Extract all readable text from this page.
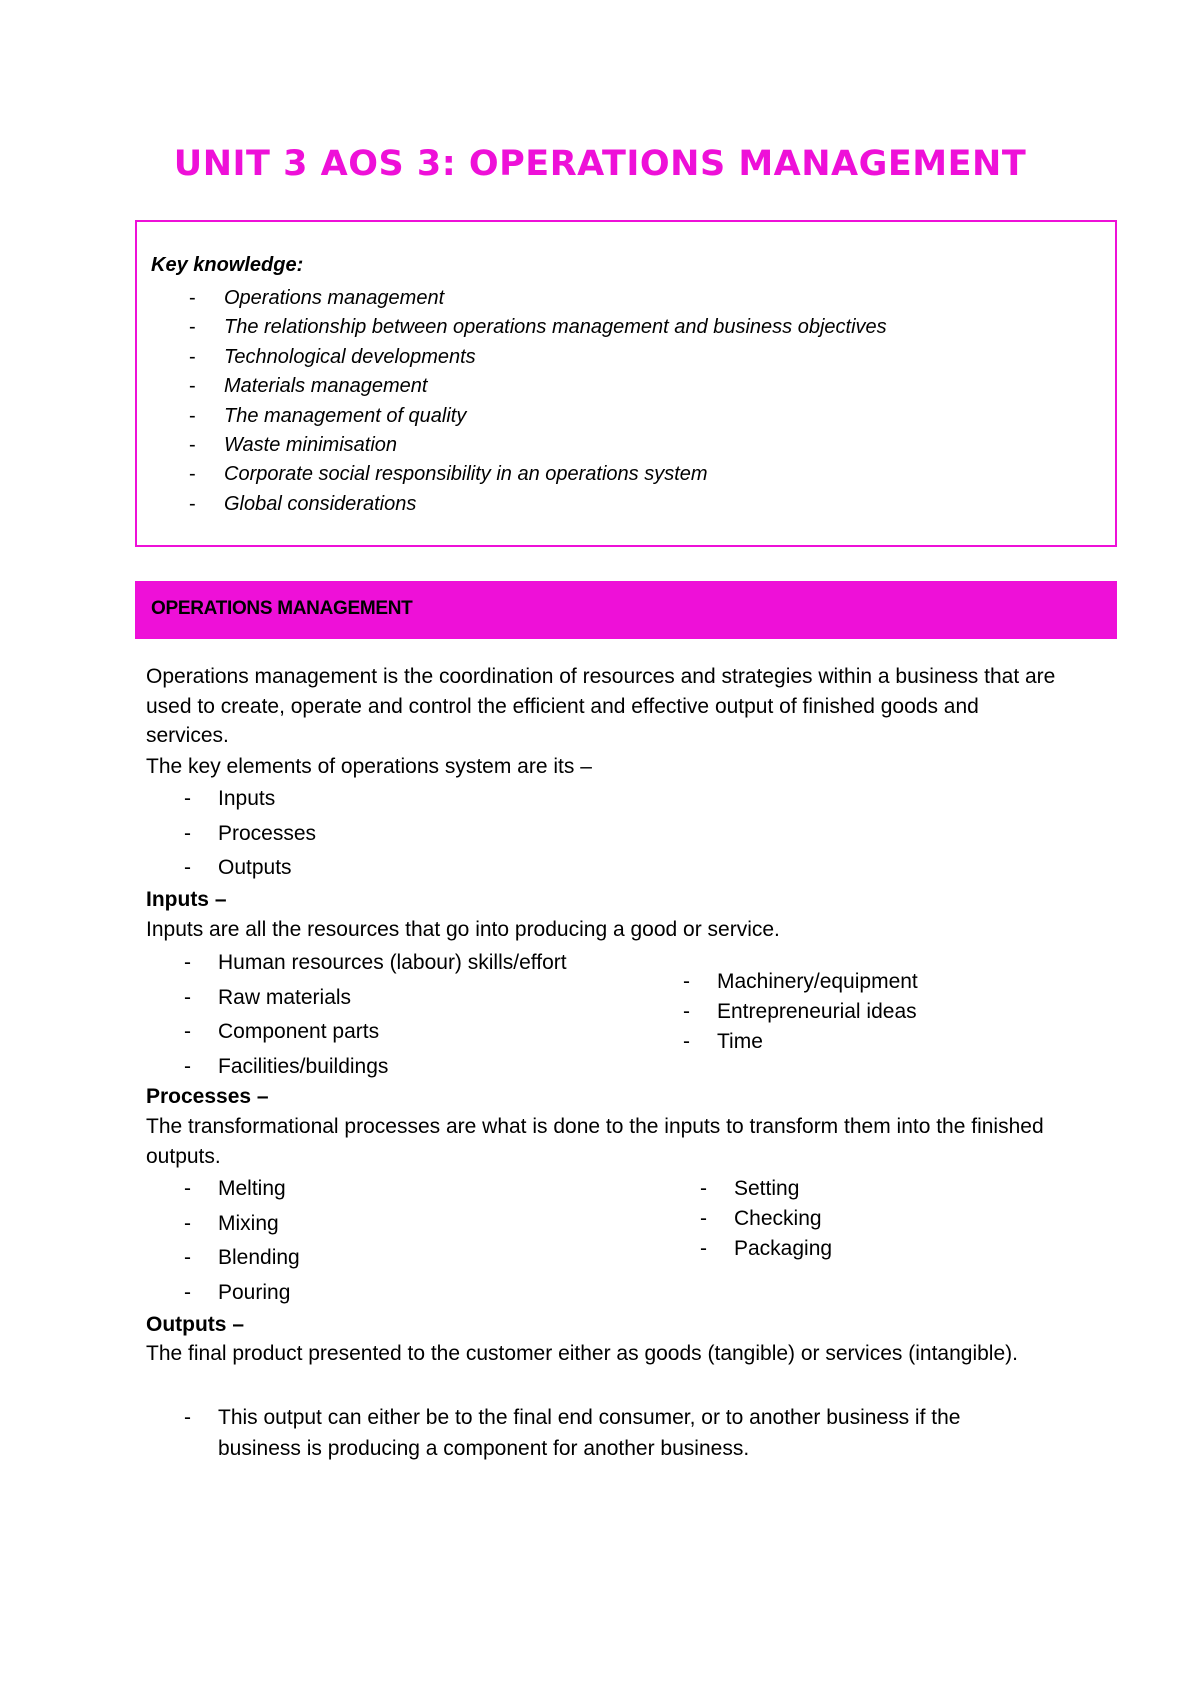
UNIT 3 AOS 3: OPERATIONS MANAGEMENT

Key knowledge:

- Operations management
- The relationship between operations management and business objectives
- Technological developments
- Materials management
- The management of quality
- Waste minimisation
- Corporate social responsibility in an operations system
- Global considerations
OPERATIONS MANAGEMENT

Operations management is the coordination of resources and strategies within a business that are used to create, operate and control the efficient and effective output of finished goods and services.

The key elements of operations system are its –

- Inputs
- Processes
- Outputs

Inputs –

Inputs are all the resources that go into producing a good or service.

- Human resources (labour) skills/effort
- Raw materials
- Component parts
- Facilities/buildings
- Machinery/equipment
- Entrepreneurial ideas
- Time

Processes –

The transformational processes are what is done to the inputs to transform them into the finished outputs.

- Melting
- Mixing
- Blending
- Pouring
- Setting
- Checking
- Packaging

Outputs –

The final product presented to the customer either as goods (tangible) or services (intangible).

- This output can either be to the final end consumer, or to another business if the business is producing a component for another business.
